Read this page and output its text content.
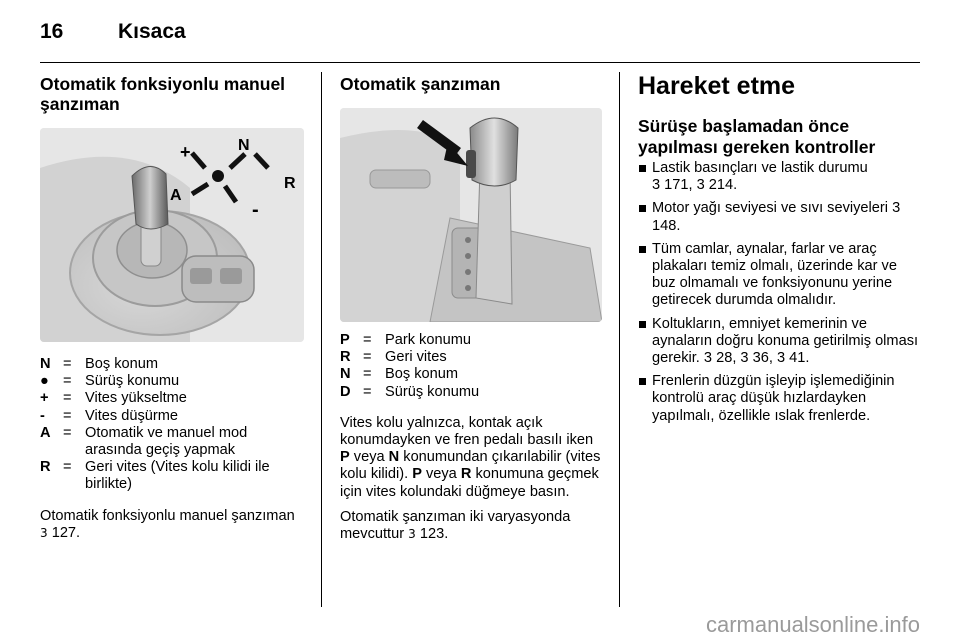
16	Kısaca
Otomatik fonksiyonlu manuel şanzıman
+	N
R
A
-
N = Boş konum
● = Sürüş konumu
+ = Vites yükseltme
-	= Vites düşürme
A = Otomatik ve manuel mod arasında geçiş yapmak
R = Geri vites (Vites kolu kilidi ile birlikte)

Otomatik fonksiyonlu manuel şanzıman 3 127.

Otomatik şanzıman
P = Park konumu
R = Geri vites
N = Boş konum
D = Sürüş konumu

Vites kolu yalnızca, kontak açık konumdayken ve fren pedalı basılı iken P veya N konumundan çıkarılabilir (vites kolu kilidi). P veya R konumuna geçmek için vites kolundaki düğmeye basın.

Otomatik şanzıman iki varyasyonda mevcuttur 3 123.

Hareket etme
Sürüşe başlamadan önce yapılması gereken kontroller
Lastik basınçları ve lastik durumu
3 171, 3 214.
Motor yağı seviyesi ve sıvı seviyeleri 3 148.
Tüm camlar, aynalar, farlar ve araç plakaları temiz olmalı, üzerinde kar ve buz olmamalı ve fonksiyonunu yerine getirecek durumda olmalıdır.
Koltukların, emniyet kemerinin ve aynaların doğru konuma getirilmiş olması gerekir. 3 28, 3 36, 3 41.
Frenlerin düzgün işleyip işlemediğinin kontrolü araç düşük hızlardayken yapılmalı, özellikle ıslak frenlerde.
carmanualsonline.info
